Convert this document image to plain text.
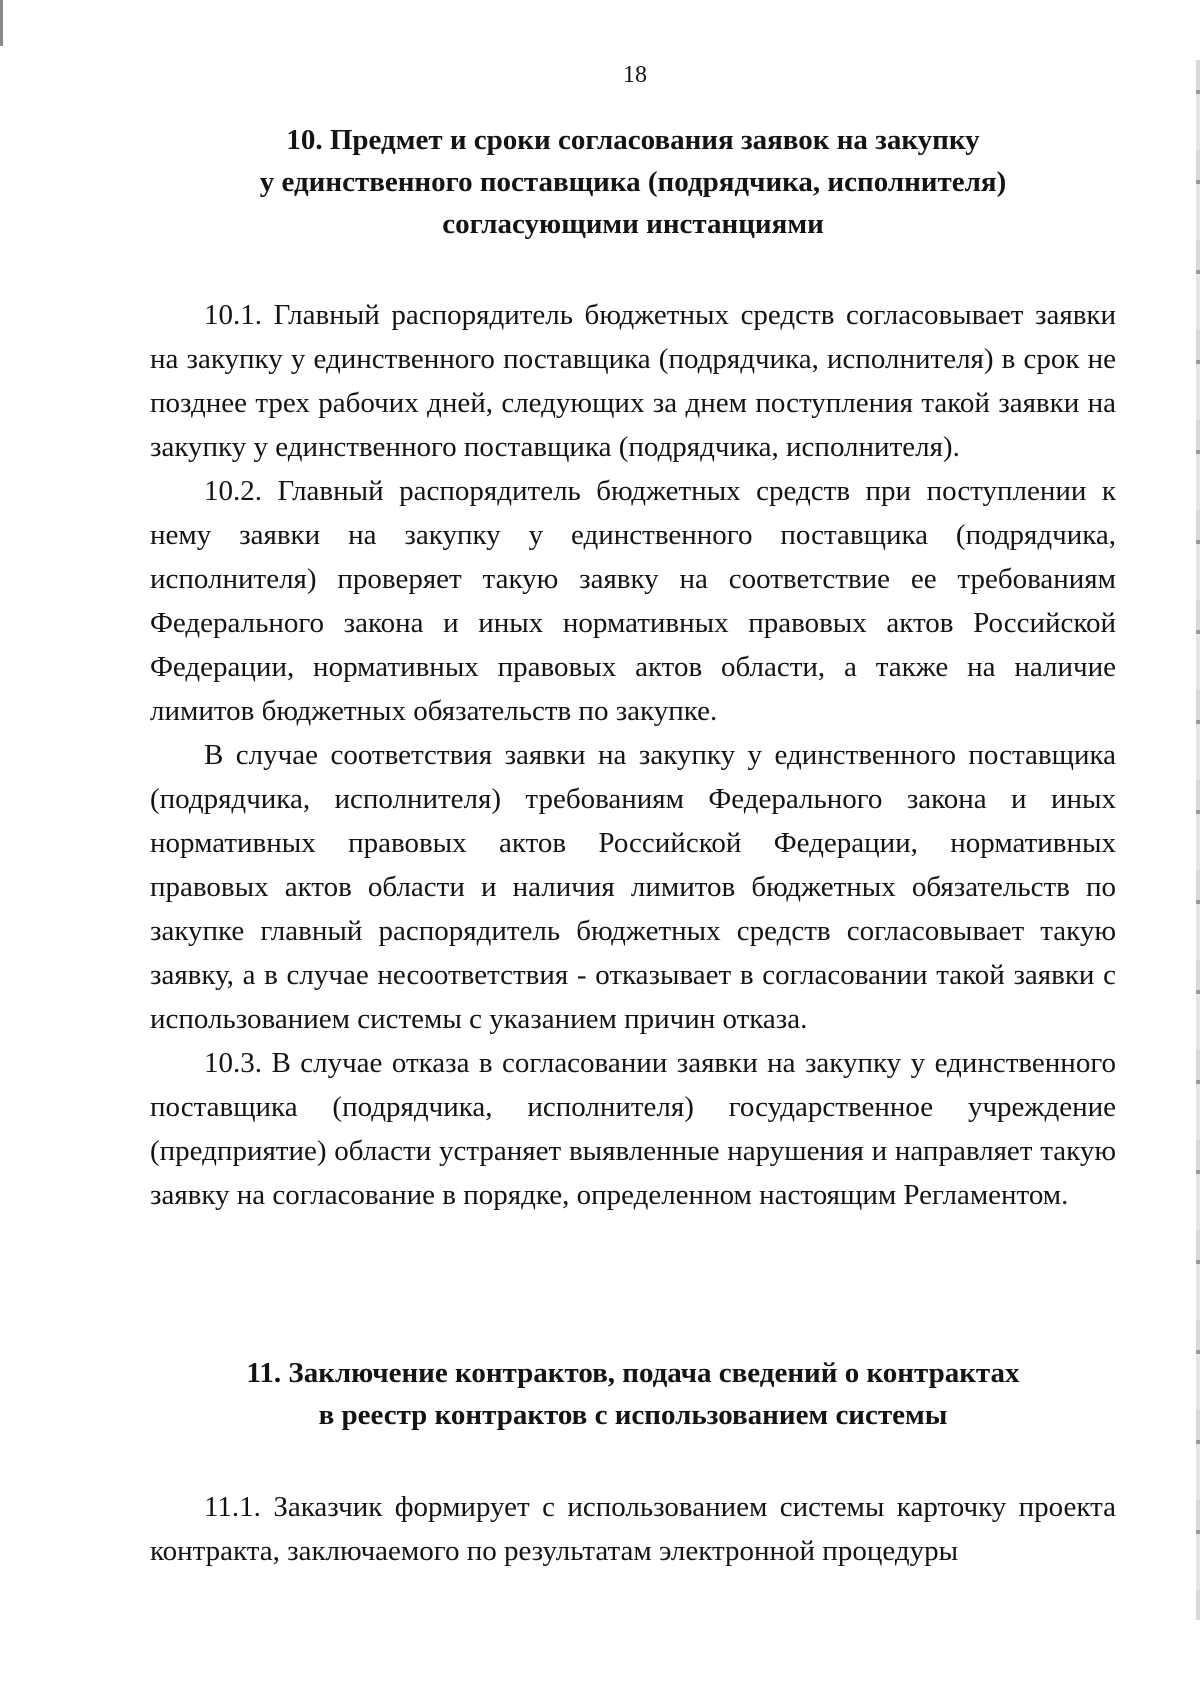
18
10. Предмет и сроки согласования заявок на закупку
у единственного поставщика (подрядчика, исполнителя)
согласующими инстанциями

10.1. Главный распорядитель бюджетных средств согласовывает заявки на закупку у единственного поставщика (подрядчика, исполнителя) в срок не позднее трех рабочих дней, следующих за днем поступления такой заявки на закупку у единственного поставщика (подрядчика, исполнителя).

10.2. Главный распорядитель бюджетных средств при поступлении к нему заявки на закупку у единственного поставщика (подрядчика, исполнителя) проверяет такую заявку на соответствие ее требованиям Федерального закона и иных нормативных правовых актов Российской Федерации, нормативных правовых актов области, а также на наличие лимитов бюджетных обязательств по закупке.

В случае соответствия заявки на закупку у единственного поставщика (подрядчика, исполнителя) требованиям Федерального закона и иных нормативных правовых актов Российской Федерации, нормативных правовых актов области и наличия лимитов бюджетных обязательств по закупке главный распорядитель бюджетных средств согласовывает такую заявку, а в случае несоответствия - отказывает в согласовании такой заявки с использованием системы с указанием причин отказа.

10.3. В случае отказа в согласовании заявки на закупку у единственного поставщика (подрядчика, исполнителя) государственное учреждение (предприятие) области устраняет выявленные нарушения и направляет такую заявку на согласование в порядке, определенном настоящим Регламентом.

11. Заключение контрактов, подача сведений о контрактах
в реестр контрактов с использованием системы

11.1. Заказчик формирует с использованием системы карточку проекта контракта, заключаемого по результатам электронной процедуры
